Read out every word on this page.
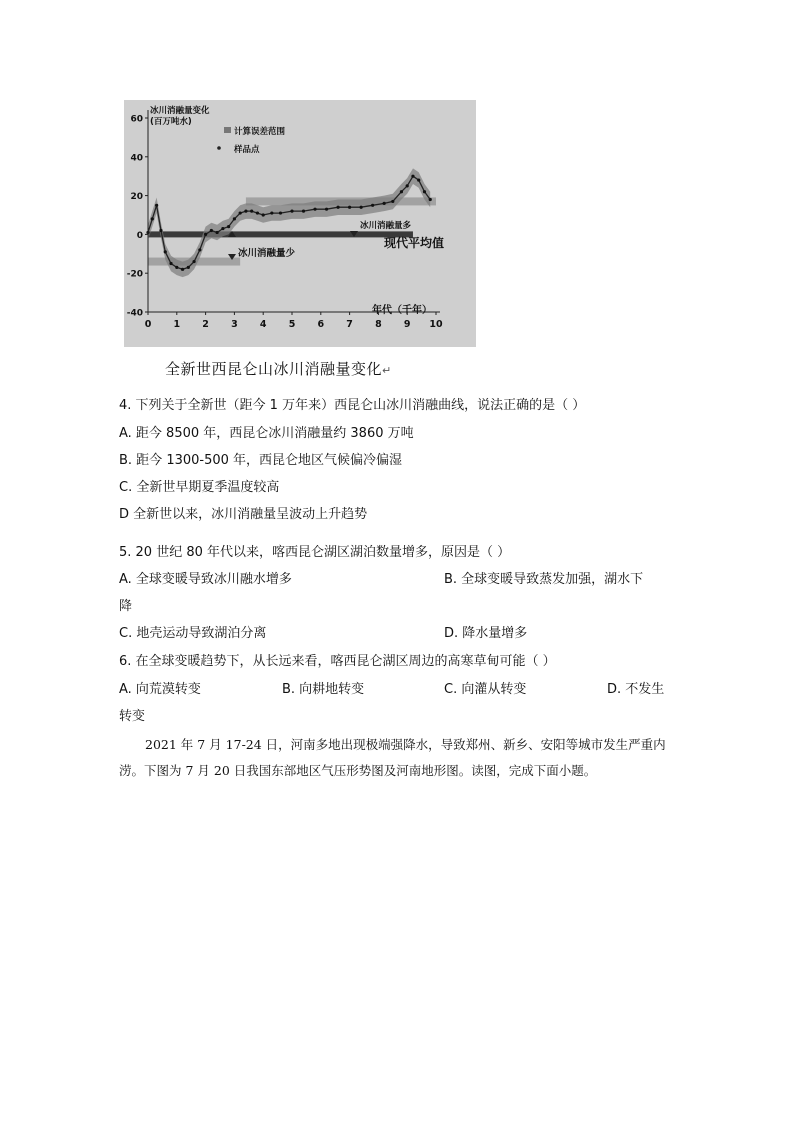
60
40
20
0
-20
-40
0 1 2 3 4 5 6 7 8 9 10
冰川消融量变化
(百万吨水)
计算误差范围
样品点
冰川消融量多
冰川消融量少
现代平均值
年代（千年）
全新世西昆仑山冰川消融量变化↵
4. 下列关于全新世（距今 1 万年来）西昆仑山冰川消融曲线，说法正确的是（ ）
A. 距今 8500 年，西昆仑冰川消融量约 3860 万吨
B. 距今 1300-500 年，西昆仑地区气候偏冷偏湿
C. 全新世早期夏季温度较高
D 全新世以来，冰川消融量呈波动上升趋势
5. 20 世纪 80 年代以来，喀西昆仑湖区湖泊数量增多，原因是（ ）
A. 全球变暖导致冰川融水增多	B. 全球变暖导致蒸发加强，湖水下
降
C. 地壳运动导致湖泊分离	D. 降水量增多
6. 在全球变暖趋势下，从长远来看，喀西昆仑湖区周边的高寒草甸可能（ ）
A. 向荒漠转变	B. 向耕地转变	C. 向灌从转变	D. 不发生
转变
2021 年 7 月 17-24 日，河南多地出现极端强降水，导致郑州、新乡、安阳等城市发生严重内涝。下图为 7 月 20 日我国东部地区气压形势图及河南地形图。读图，完成下面小题。
